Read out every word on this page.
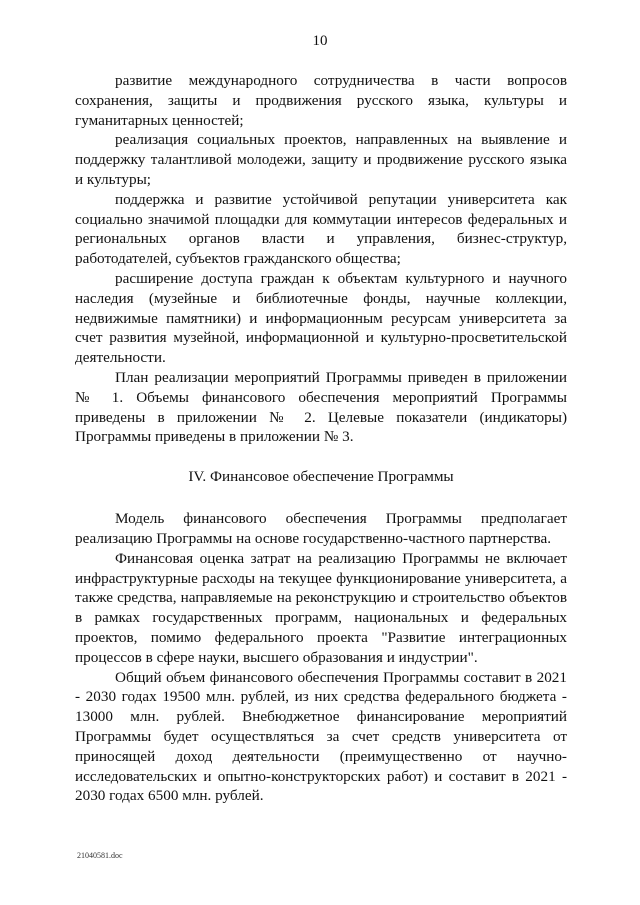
10

развитие международного сотрудничества в части вопросов сохранения, защиты и продвижения русского языка, культуры и гуманитарных ценностей;

реализация социальных проектов, направленных на выявление и поддержку талантливой молодежи, защиту и продвижение русского языка и культуры;

поддержка и развитие устойчивой репутации университета как социально значимой площадки для коммутации интересов федеральных и региональных органов власти и управления, бизнес-структур, работодателей, субъектов гражданского общества;

расширение доступа граждан к объектам культурного и научного наследия (музейные и библиотечные фонды, научные коллекции, недвижимые памятники) и информационным ресурсам университета за счет развития музейной, информационной и культурно-просветительской деятельности.

План реализации мероприятий Программы приведен в приложении № 1. Объемы финансового обеспечения мероприятий Программы приведены в приложении № 2. Целевые показатели (индикаторы) Программы приведены в приложении № 3.

IV. Финансовое обеспечение Программы

Модель финансового обеспечения Программы предполагает реализацию Программы на основе государственно-частного партнерства.

Финансовая оценка затрат на реализацию Программы не включает инфраструктурные расходы на текущее функционирование университета, а также средства, направляемые на реконструкцию и строительство объектов в рамках государственных программ, национальных и федеральных проектов, помимо федерального проекта "Развитие интеграционных процессов в сфере науки, высшего образования и индустрии".

Общий объем финансового обеспечения Программы составит в 2021 - 2030 годах 19500 млн. рублей, из них средства федерального бюджета - 13000 млн. рублей. Внебюджетное финансирование мероприятий Программы будет осуществляться за счет средств университета от приносящей доход деятельности (преимущественно от научно-исследовательских и опытно-конструкторских работ) и составит в 2021 - 2030 годах 6500 млн. рублей.

21040581.doc
